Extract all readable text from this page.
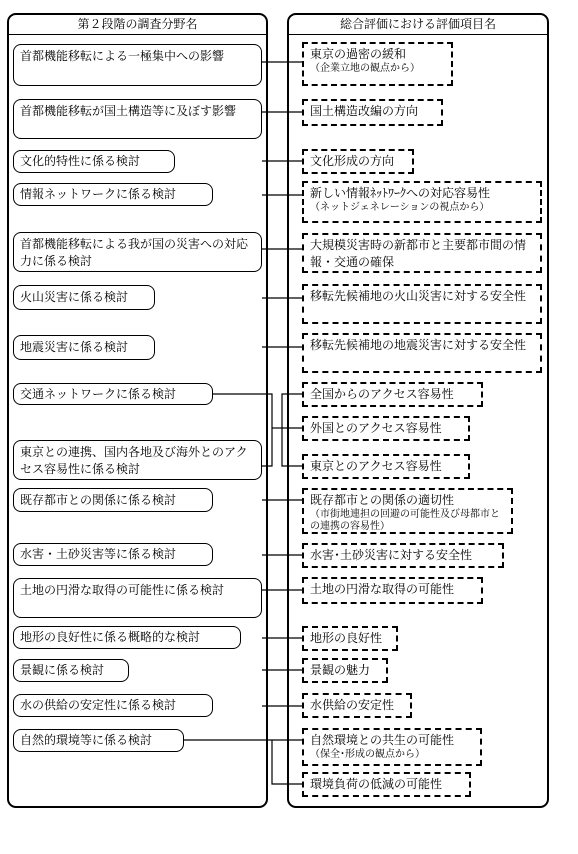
第２段階の調査分野名	総合評価における評価項目名
首都機能移転による一極集中への影響
首都機能移転が国土構造等に及ぼす影響
文化的特性に係る検討
情報ネットワークに係る検討
首都機能移転による我が国の災害への対応力に係る検討
火山災害に係る検討
地震災害に係る検討
交通ネットワークに係る検討
東京との連携、国内各地及び海外とのアクセス容易性に係る検討
既存都市との関係に係る検討
水害・土砂災害等に係る検討
土地の円滑な取得の可能性に係る検討
地形の良好性に係る概略的な検討
景観に係る検討
水の供給の安定性に係る検討
自然的環境等に係る検討
東京の過密の緩和
（企業立地の観点から）
国土構造改編の方向
文化形成の方向
新しい情報ﾈｯﾄﾜｰｸへの対応容易性
（ネットジェネレーションの視点から）
大規模災害時の新都市と主要都市間の情報・交通の確保
移転先候補地の火山災害に対する安全性
移転先候補地の地震災害に対する安全性
全国からのアクセス容易性
外国とのアクセス容易性
東京とのアクセス容易性
既存都市との関係の適切性
（市街地連担の回避の可能性及び母都市との連携の容易性）
水害･土砂災害に対する安全性
土地の円滑な取得の可能性
地形の良好性
景観の魅力
水供給の安定性
自然環境との共生の可能性
（保全･形成の観点から）
環境負荷の低減の可能性
